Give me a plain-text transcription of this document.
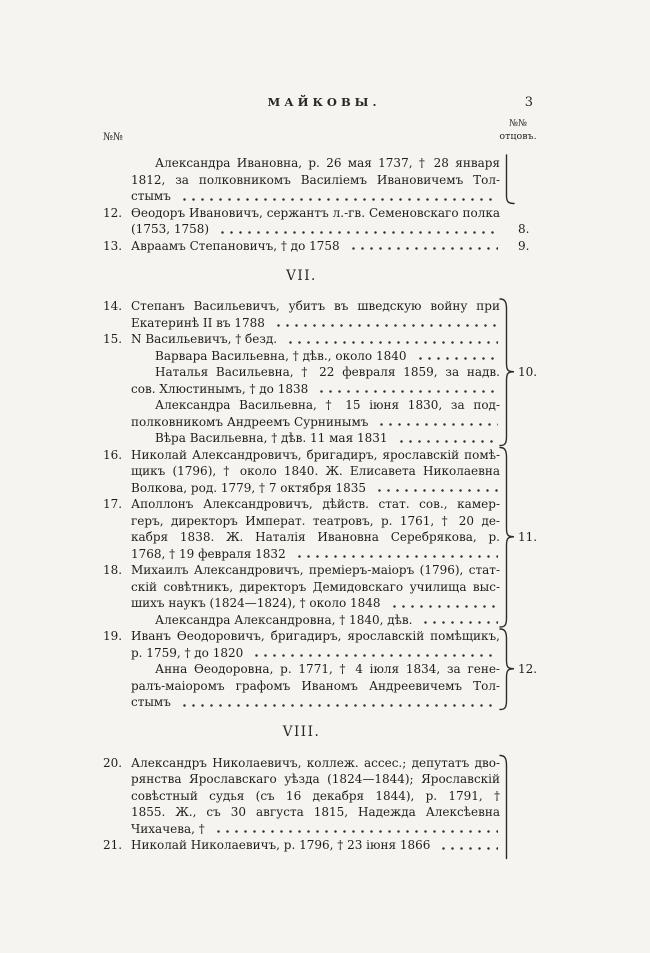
МАЙКОВЫ.	3
№№
№№
отцовъ.
Александра Ивановна, р. 26 мая 1737, † 28 января
1812, за полковникомъ Василіемъ Ивановичемъ Тол-
стымъ
12. Ѳеодоръ Ивановичъ, сержантъ л.-гв. Семеновскаго полка
(1753, 1758)
13. Авраамъ Степановичъ, † до 1758
VII.
14. Степанъ Васильевичъ, убитъ въ шведскую войну при
Екатеринѣ II въ 1788
15. N Васильевичъ, † безд.
Варвара Васильевна, † дѣв., около 1840
Наталья Васильевна, † 22 февраля 1859, за надв.
сов. Хлюстинымъ, † до 1838
Александра Васильевна, † 15 іюня 1830, за под-
полковникомъ Андреемъ Сурнинымъ
Вѣра Васильевна, † дѣв. 11 мая 1831
16. Николай Александровичъ, бригадиръ, ярославскій помѣ-
щикъ (1796), † около 1840. Ж. Елисавета Николаевна
Волкова, род. 1779, † 7 октября 1835
17. Аполлонъ Александровичъ, дѣйств. стат. сов., камер-
геръ, директоръ Императ. театровъ, р. 1761, † 20 де-
кабря 1838. Ж. Наталія Ивановна Серебрякова, р.
1768, † 19 февраля 1832
18. Михаилъ Александровичъ, преміеръ-маіоръ (1796), стат-
скій совѣтникъ, директоръ Демидовскаго училища выс-
шихъ наукъ (1824—1824), † около 1848
Александра Александровна, † 1840, дѣв.
19. Иванъ Ѳеодоровичъ, бригадиръ, ярославскій помѣщикъ,
р. 1759, † до 1820
Анна Ѳеодоровна, р. 1771, † 4 іюля 1834, за гене-
ралъ-маіоромъ графомъ Иваномъ Андреевичемъ Тол-
стымъ
VIII.
20. Александръ Николаевичъ, коллеж. ассес.; депутатъ дво-
рянства Ярославскаго уѣзда (1824—1844); Ярославскій
совѣстный судья (съ 16 декабря 1844), р. 1791, †
1855. Ж., съ 30 августа 1815, Надежда Алексѣевна
Чихачева, †
21. Николай Николаевичъ, р. 1796, † 23 іюня 1866
8.
9.
10.
11.
12.
